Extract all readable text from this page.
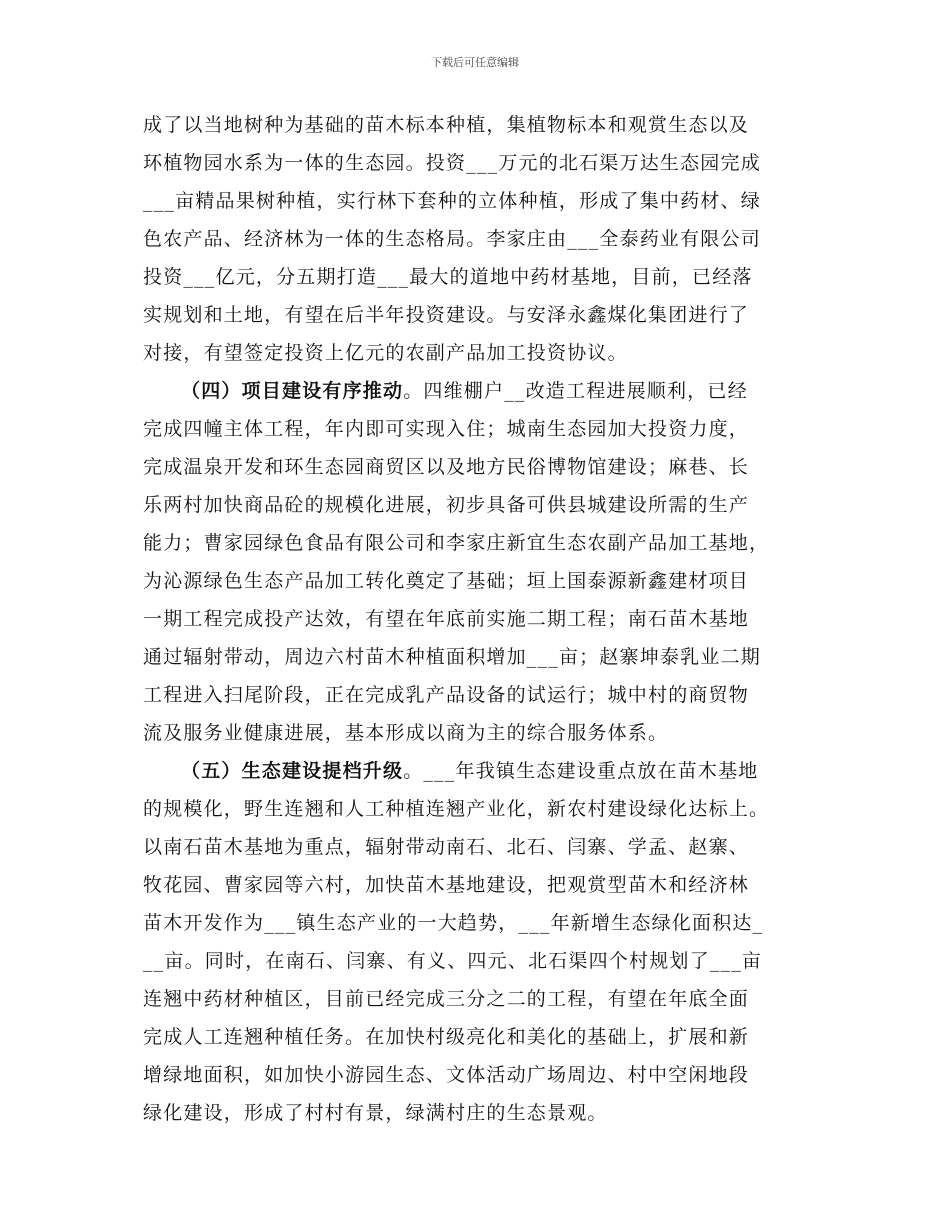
下载后可任意编辑
成了以当地树种为基础的苗木标本种植，集植物标本和观赏生态以及
环植物园水系为一体的生态园。投资___万元的北石渠万达生态园完成
___亩精品果树种植，实行林下套种的立体种植，形成了集中药材、绿
色农产品、经济林为一体的生态格局。李家庄由___全泰药业有限公司
投资___亿元，分五期打造___最大的道地中药材基地，目前，已经落
实规划和土地，有望在后半年投资建设。与安泽永鑫煤化集团进行了
对接，有望签定投资上亿元的农副产品加工投资协议。
（四）项目建设有序推动。四维棚户__改造工程进展顺利，已经
完成四幢主体工程，年内即可实现入住；城南生态园加大投资力度，
完成温泉开发和环生态园商贸区以及地方民俗博物馆建设；麻巷、长
乐两村加快商品砼的规模化进展，初步具备可供县城建设所需的生产
能力；曹家园绿色食品有限公司和李家庄新宜生态农副产品加工基地，
为沁源绿色生态产品加工转化奠定了基础；垣上国泰源新鑫建材项目
一期工程完成投产达效，有望在年底前实施二期工程；南石苗木基地
通过辐射带动，周边六村苗木种植面积增加___亩；赵寨坤泰乳业二期
工程进入扫尾阶段，正在完成乳产品设备的试运行；城中村的商贸物
流及服务业健康进展，基本形成以商为主的综合服务体系。
（五）生态建设提档升级。___年我镇生态建设重点放在苗木基地
的规模化，野生连翘和人工种植连翘产业化，新农村建设绿化达标上。
以南石苗木基地为重点，辐射带动南石、北石、闫寨、学孟、赵寨、
牧花园、曹家园等六村，加快苗木基地建设，把观赏型苗木和经济林
苗木开发作为___镇生态产业的一大趋势，___年新增生态绿化面积达_
__亩。同时，在南石、闫寨、有义、四元、北石渠四个村规划了___亩
连翘中药材种植区，目前已经完成三分之二的工程，有望在年底全面
完成人工连翘种植任务。在加快村级亮化和美化的基础上，扩展和新
增绿地面积，如加快小游园生态、文体活动广场周边、村中空闲地段
绿化建设，形成了村村有景，绿满村庄的生态景观。
